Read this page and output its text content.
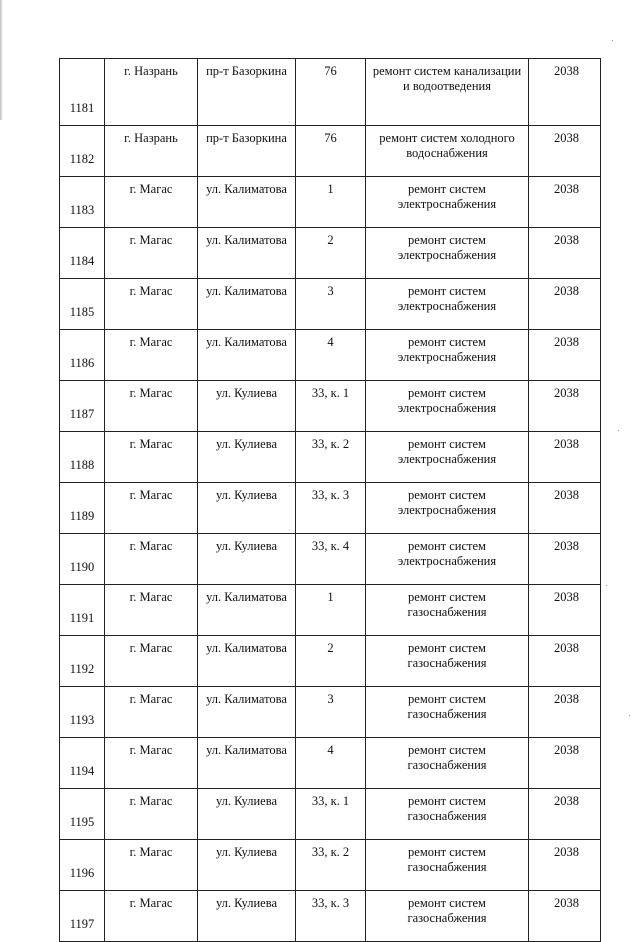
1181	г. Назрань	пр-т Базоркина	76	ремонт систем канализации и водоотведения	2038
1182	г. Назрань	пр-т Базоркина	76	ремонт систем холодного водоснабжения	2038
1183	г. Магас	ул. Калиматова	1	ремонт систем электроснабжения	2038
1184	г. Магас	ул. Калиматова	2	ремонт систем электроснабжения	2038
1185	г. Магас	ул. Калиматова	3	ремонт систем электроснабжения	2038
1186	г. Магас	ул. Калиматова	4	ремонт систем электроснабжения	2038
1187	г. Магас	ул. Кулиева	33, к. 1	ремонт систем электроснабжения	2038
1188	г. Магас	ул. Кулиева	33, к. 2	ремонт систем электроснабжения	2038
1189	г. Магас	ул. Кулиева	33, к. 3	ремонт систем электроснабжения	2038
1190	г. Магас	ул. Кулиева	33, к. 4	ремонт систем электроснабжения	2038
1191	г. Магас	ул. Калиматова	1	ремонт систем газоснабжения	2038
1192	г. Магас	ул. Калиматова	2	ремонт систем газоснабжения	2038
1193	г. Магас	ул. Калиматова	3	ремонт систем газоснабжения	2038
1194	г. Магас	ул. Калиматова	4	ремонт систем газоснабжения	2038
1195	г. Магас	ул. Кулиева	33, к. 1	ремонт систем газоснабжения	2038
1196	г. Магас	ул. Кулиева	33, к. 2	ремонт систем газоснабжения	2038
1197	г. Магас	ул. Кулиева	33, к. 3	ремонт систем газоснабжения	2038
